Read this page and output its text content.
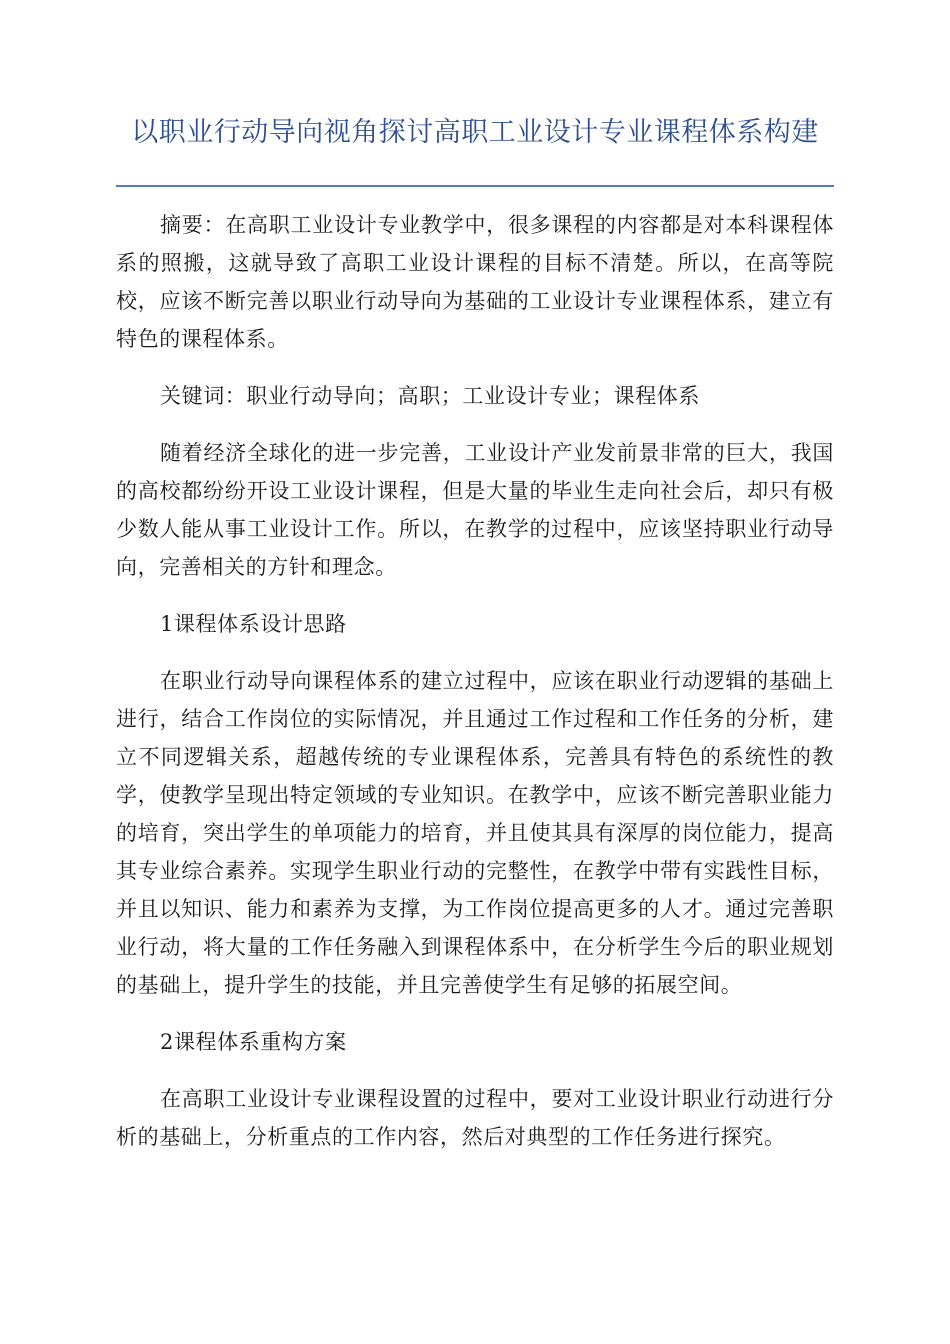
以职业行动导向视角探讨高职工业设计专业课程体系构建

摘要：在高职工业设计专业教学中，很多课程的内容都是对本科课程体系的照搬，这就导致了高职工业设计课程的目标不清楚。所以，在高等院校，应该不断完善以职业行动导向为基础的工业设计专业课程体系，建立有特色的课程体系。

关键词：职业行动导向；高职；工业设计专业；课程体系

随着经济全球化的进一步完善，工业设计产业发前景非常的巨大，我国的高校都纷纷开设工业设计课程，但是大量的毕业生走向社会后，却只有极少数人能从事工业设计工作。所以，在教学的过程中，应该坚持职业行动导向，完善相关的方针和理念。

1课程体系设计思路

在职业行动导向课程体系的建立过程中，应该在职业行动逻辑的基础上进行，结合工作岗位的实际情况，并且通过工作过程和工作任务的分析，建立不同逻辑关系，超越传统的专业课程体系，完善具有特色的系统性的教学，使教学呈现出特定领域的专业知识。在教学中，应该不断完善职业能力的培育，突出学生的单项能力的培育，并且使其具有深厚的岗位能力，提高其专业综合素养。实现学生职业行动的完整性，在教学中带有实践性目标，并且以知识、能力和素养为支撑，为工作岗位提高更多的人才。通过完善职业行动，将大量的工作任务融入到课程体系中，在分析学生今后的职业规划的基础上，提升学生的技能，并且完善使学生有足够的拓展空间。

2课程体系重构方案

在高职工业设计专业课程设置的过程中，要对工业设计职业行动进行分析的基础上，分析重点的工作内容，然后对典型的工作任务进行探究。
